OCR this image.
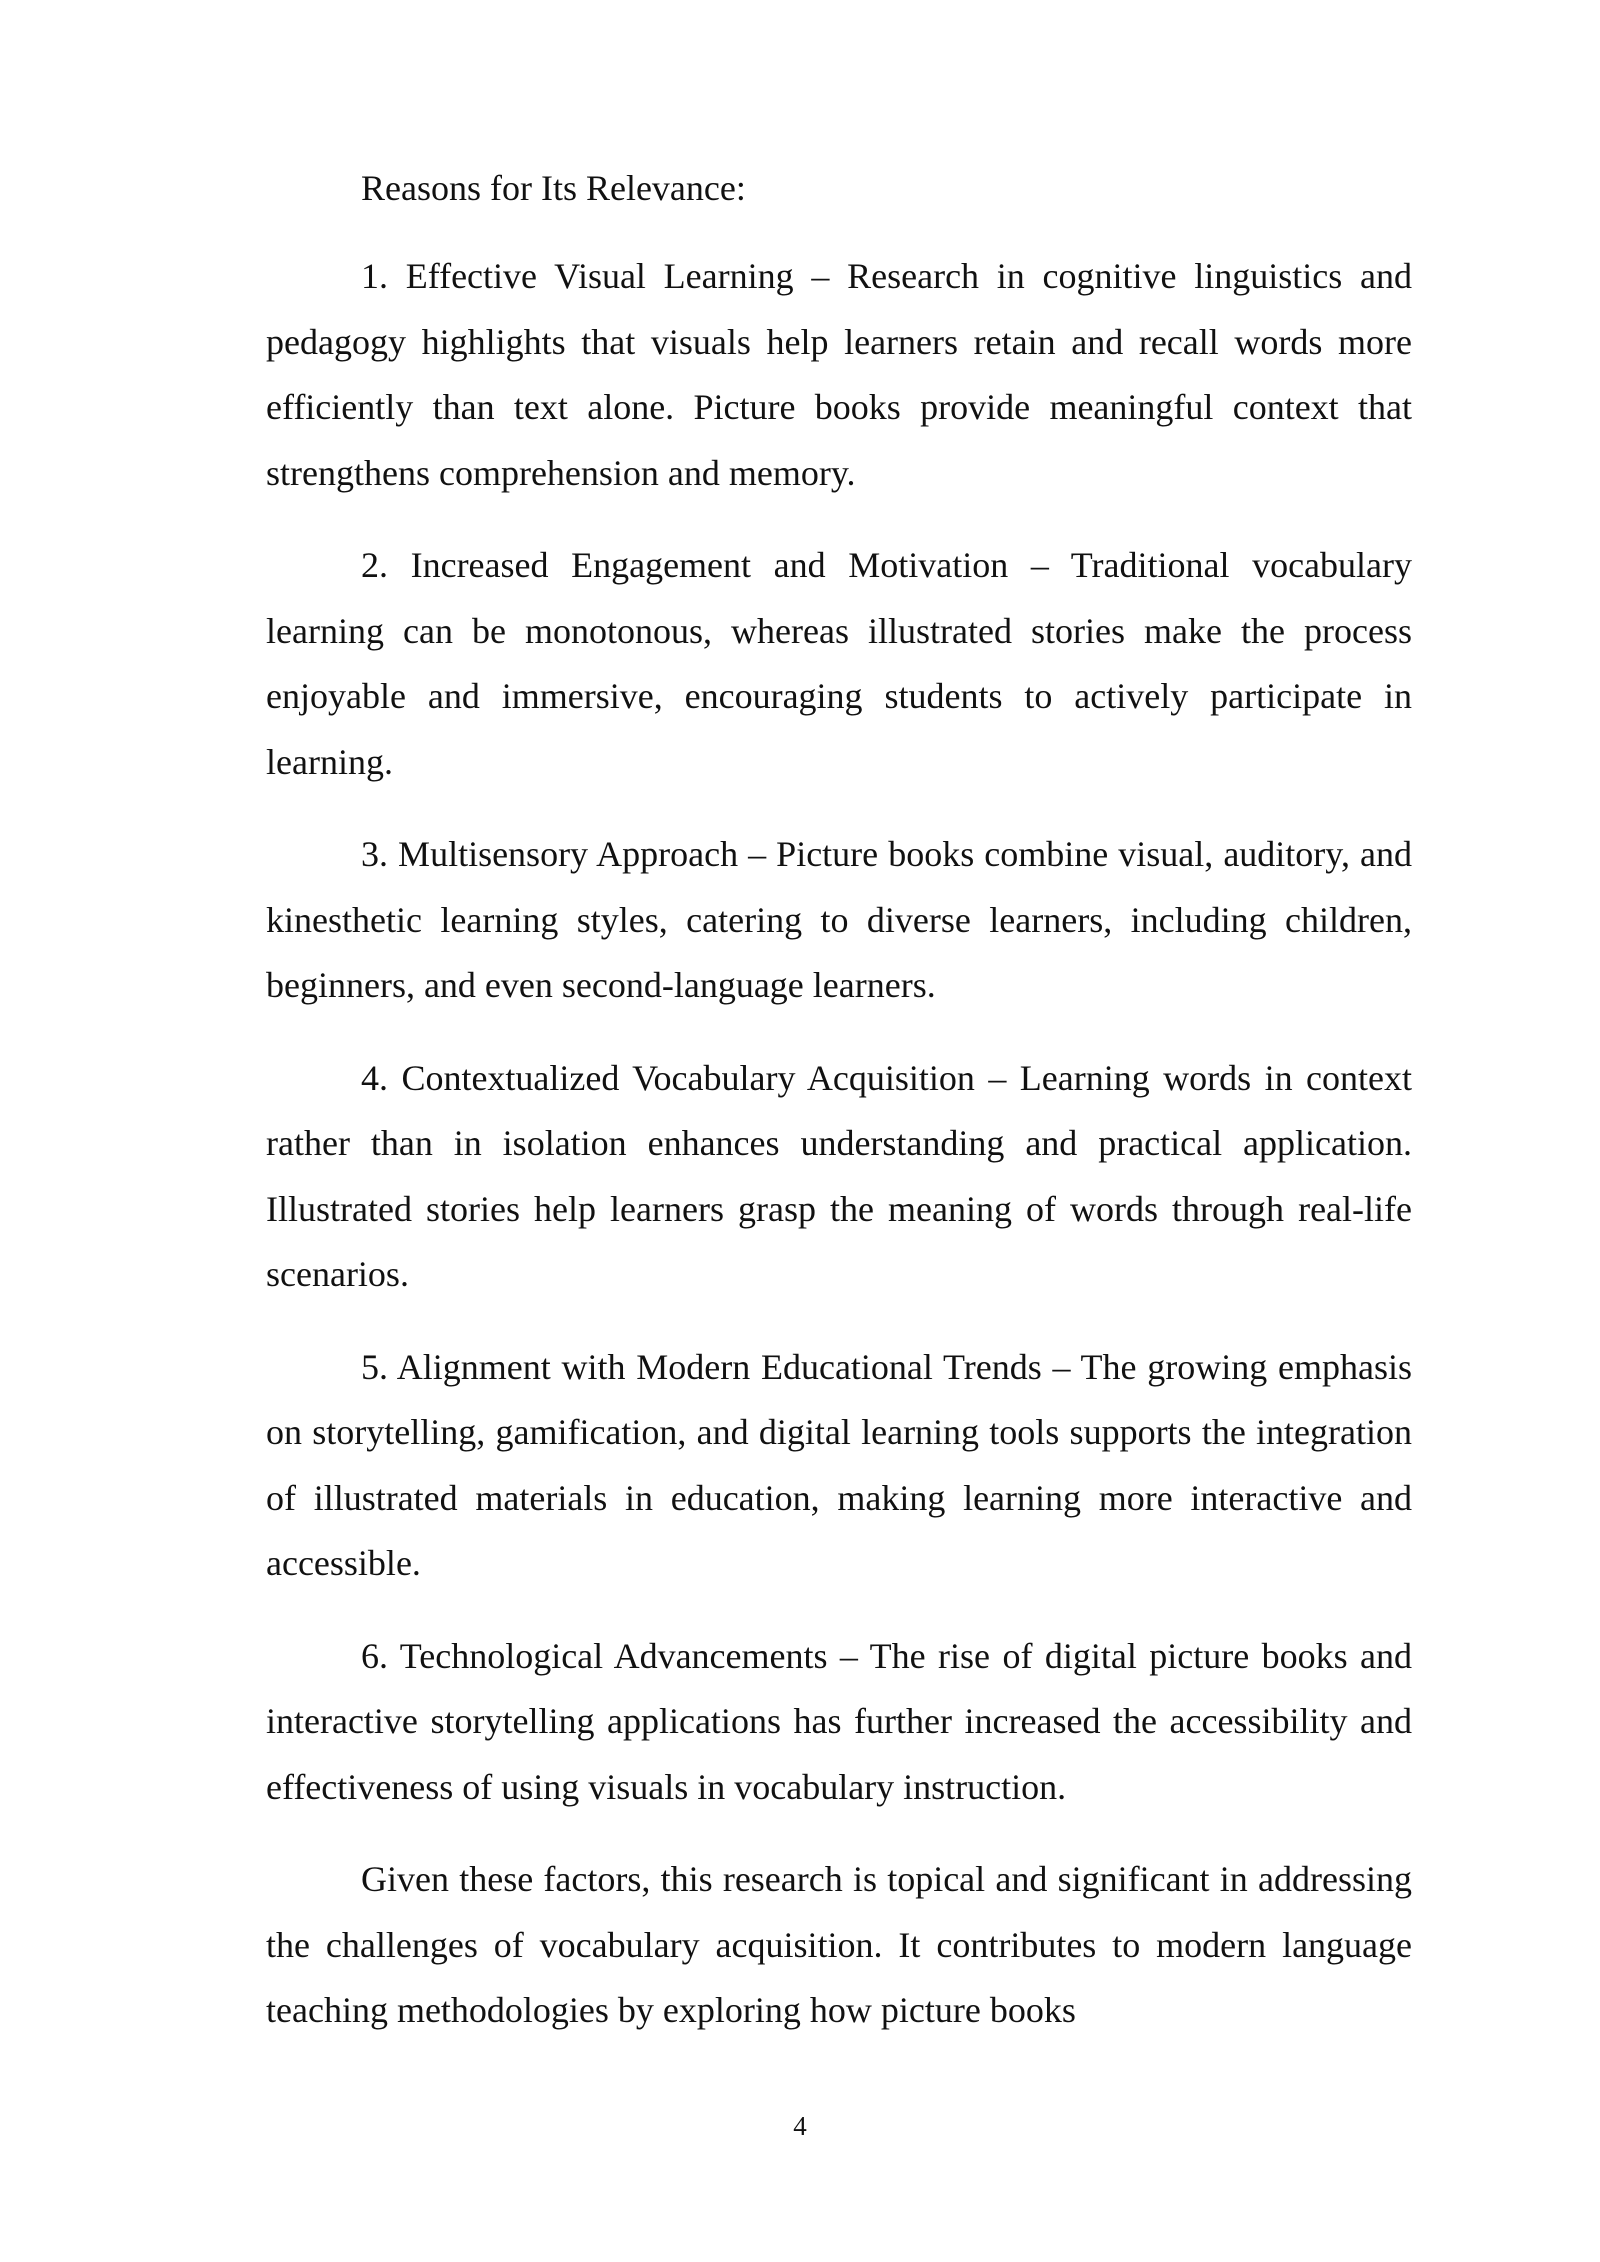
Reasons for Its Relevance:

1. Effective Visual Learning – Research in cognitive linguistics and pedagogy highlights that visuals help learners retain and recall words more efficiently than text alone. Picture books provide meaningful context that strengthens comprehension and memory.

2. Increased Engagement and Motivation – Traditional vocabulary learning can be monotonous, whereas illustrated stories make the process enjoyable and immersive, encouraging students to actively participate in learning.

3. Multisensory Approach – Picture books combine visual, auditory, and kinesthetic learning styles, catering to diverse learners, including children, beginners, and even second-language learners.

4. Contextualized Vocabulary Acquisition – Learning words in context rather than in isolation enhances understanding and practical application. Illustrated stories help learners grasp the meaning of words through real-life scenarios.

5. Alignment with Modern Educational Trends – The growing emphasis on storytelling, gamification, and digital learning tools supports the integration of illustrated materials in education, making learning more interactive and accessible.

6. Technological Advancements – The rise of digital picture books and interactive storytelling applications has further increased the accessibility and effectiveness of using visuals in vocabulary instruction.

Given these factors, this research is topical and significant in addressing the challenges of vocabulary acquisition. It contributes to modern language teaching methodologies by exploring how picture books

4
